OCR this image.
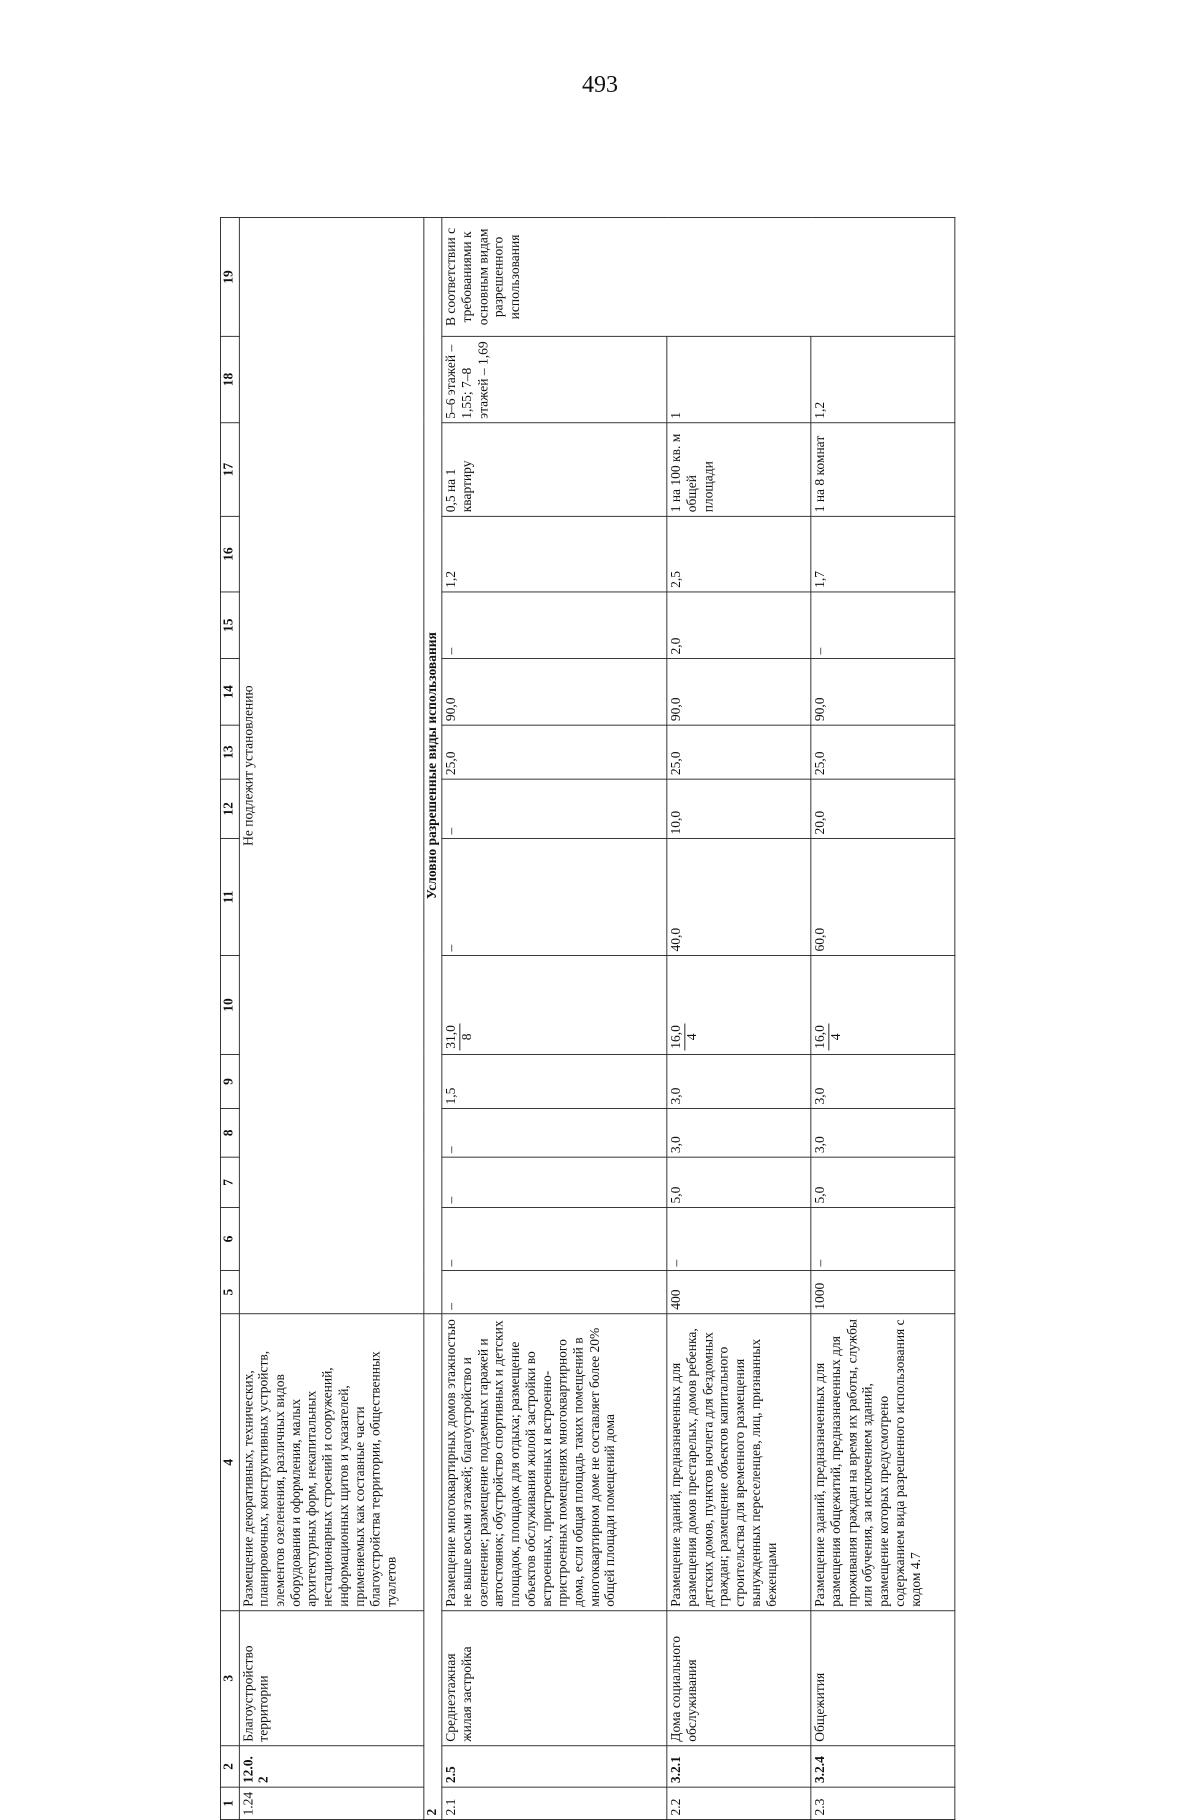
493
1	2	3	4	5	6	7	8	9	10	11	12	13	14	15	16	17	18	19
1.24	12.0.2	Благоустройство территории	Размещение декоративных, технических, планировочных, конструктивных устройств, элементов озеленения, различных видов оборудования и оформления, малых архитектурных форм, некапитальных нестационарных строений и сооружений, информационных щитов и указателей, применяемых как составные части благоустройства территории, общественных туалетов	Не подлежит установлению														
2				Условно разрешенные виды использования														
2.1	2.5	Среднеэтажная жилая застройка	Размещение многоквартирных домов этажностью не выше восьми этажей; благоустройство и озеленение; размещение подземных гаражей и автостоянок; обустройство спортивных и детских площадок, площадок для отдыха; размещение объектов обслуживания жилой застройки во встроенных, пристроенных и встроенно-пристроенных помещениях многоквартирного дома, если общая площадь таких помещений в многоквартирном доме не составляет более 20% общей площади помещений дома	–	–	–	–	1,5	31,0 8	–	–	25,0	90,0	–	1,2	0,5 на 1 квартиру	5–6 этажей – 1,55; 7–8 этажей – 1,69	В соответствии с требованиями к основным видам разрешенного использования
2.2	3.2.1	Дома социального обслуживания	Размещение зданий, предназначенных для размещения домов престарелых, домов ребенка, детских домов, пунктов ночлега для бездомных граждан; размещение объектов капитального строительства для временного размещения вынужденных переселенцев, лиц, признанных беженцами	400	–	5,0	3,0	3,0	16,0 4	40,0	10,0	25,0	90,0	2,0	2,5	1 на 100 кв. м общей площади	1	
2.3	3.2.4	Общежития	Размещение зданий, предназначенных для размещения общежитий, предназначенных для проживания граждан на время их работы, службы или обучения, за исключением зданий, размещение которых предусмотрено содержанием вида разрешенного использования с кодом 4.7	1000	–	5,0	3,0	3,0	16,0 4	60,0	20,0	25,0	90,0	–	1,7	1 на 8 комнат	1,2	
